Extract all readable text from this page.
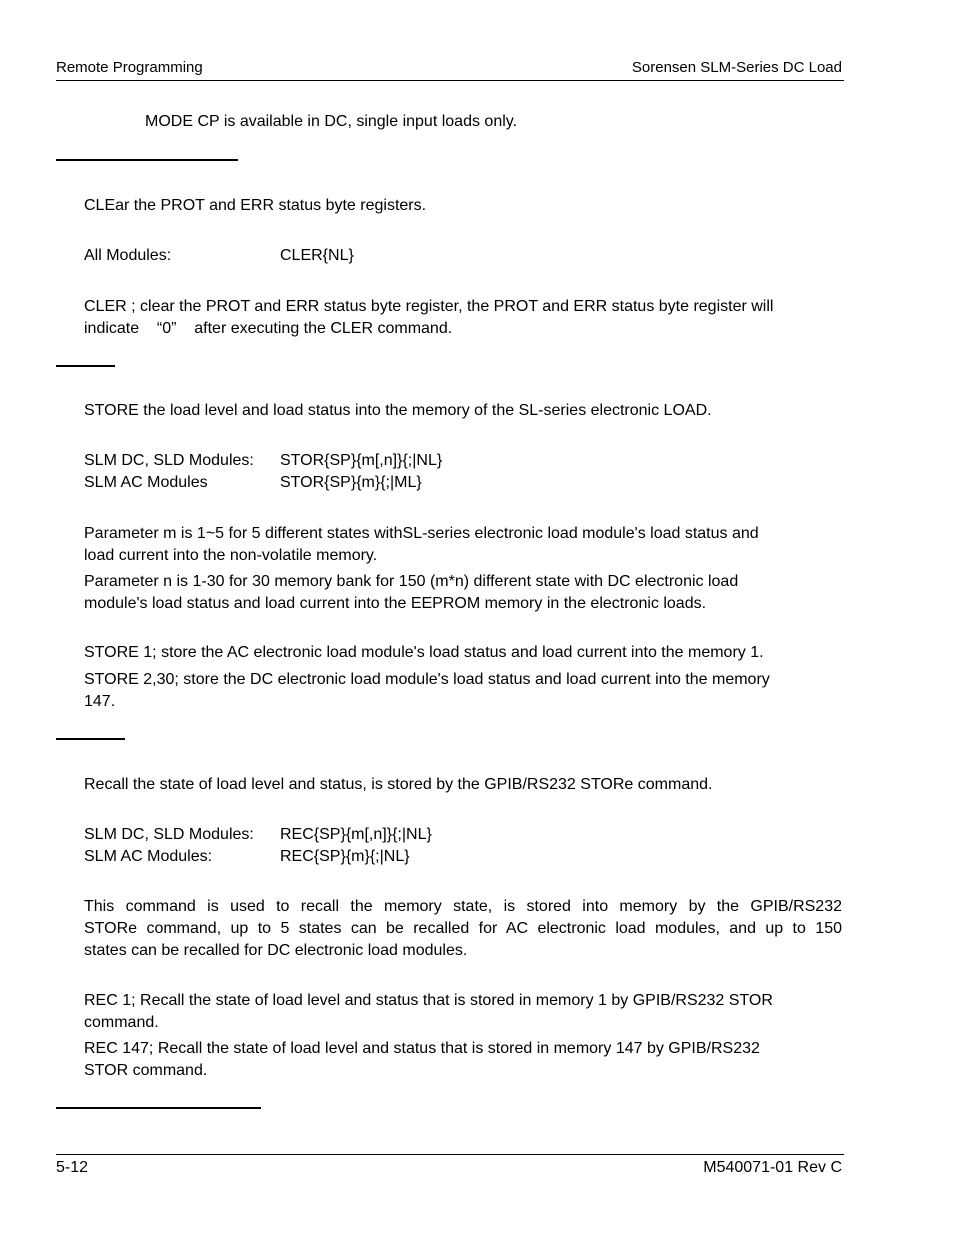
Remote Programming	Sorensen SLM-Series DC Load
MODE CP is available in DC, single input loads only.
CLEar the PROT and ERR status byte registers.
All Modules:	CLER{NL}
CLER ; clear the PROT and ERR status byte register, the PROT and ERR status byte register will
indicate    “0”    after executing the CLER command.
STORE the load level and load status into the memory of the SL-series electronic LOAD.
SLM DC, SLD Modules: STOR{SP}{m[,n]}{;|NL}
SLM AC Modules	STOR{SP}{m}{;|ML}
Parameter m is 1~5 for 5 different states withSL-series electronic load module's load status and
load current into the non-volatile memory.
Parameter n is 1-30 for 30 memory bank for 150 (m*n) different state with DC electronic load
module's load status and load current into the EEPROM memory in the electronic loads.
STORE 1; store the AC electronic load module's load status and load current into the memory 1.
STORE 2,30; store the DC electronic load module's load status and load current into the memory
147.
Recall the state of load level and status, is stored by the GPIB/RS232 STORe command.
SLM DC, SLD Modules: REC{SP}{m[,n]}{;|NL}
SLM AC Modules:	REC{SP}{m}{;|NL}
This command is used to recall the memory state, is stored into memory by the GPIB/RS232
STORe command, up to 5 states can be recalled for AC electronic load modules, and up to 150
states can be recalled for DC electronic load modules.
REC 1; Recall the state of load level and status that is stored in memory 1 by GPIB/RS232 STOR
command.
REC 147; Recall the state of load level and status that is stored in memory 147 by GPIB/RS232
STOR command.
5-12	M540071-01 Rev C
